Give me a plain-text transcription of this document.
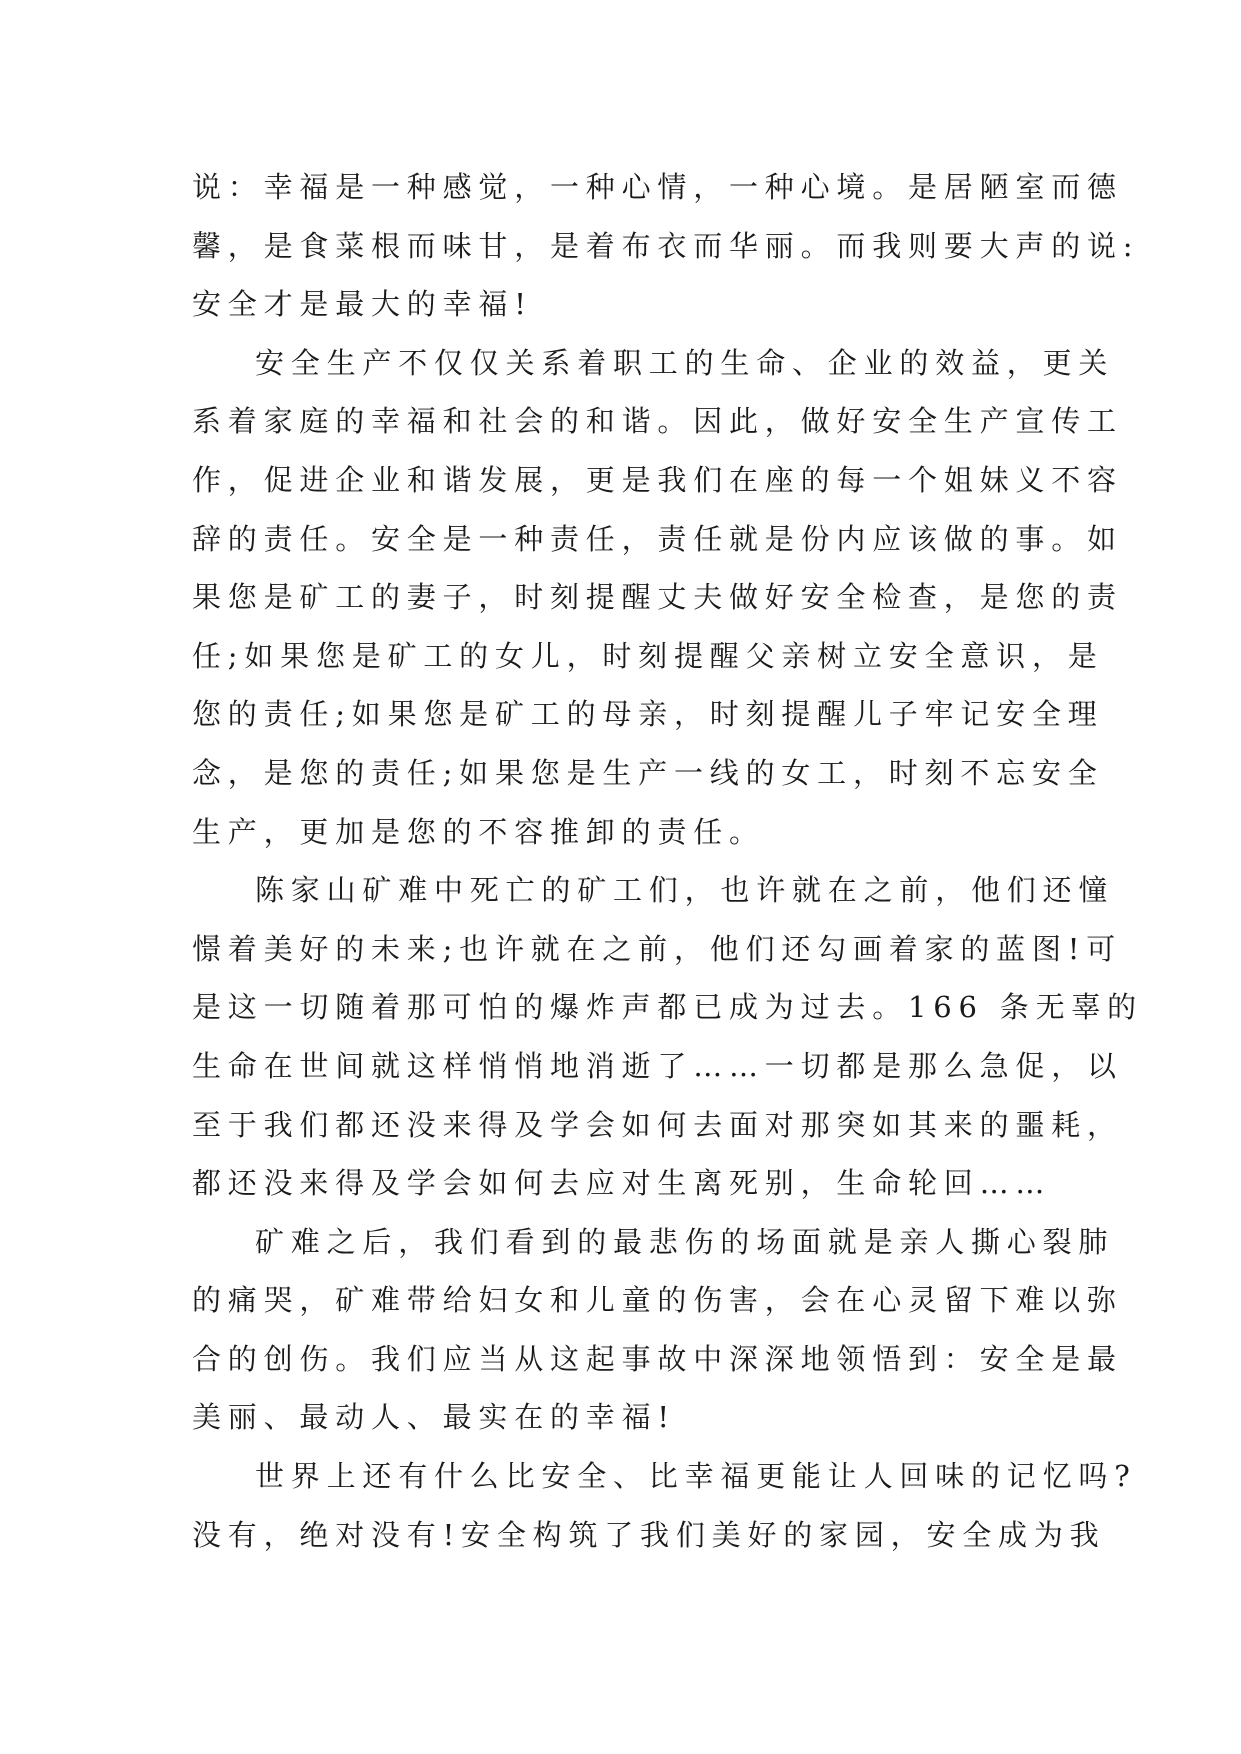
说：幸福是一种感觉，一种心情，一种心境。是居陋室而德
馨，是食菜根而味甘，是着布衣而华丽。而我则要大声的说:
安全才是最大的幸福!
安全生产不仅仅关系着职工的生命、企业的效益，更关
系着家庭的幸福和社会的和谐。因此，做好安全生产宣传工
作，促进企业和谐发展，更是我们在座的每一个姐妹义不容
辞的责任。安全是一种责任，责任就是份内应该做的事。如
果您是矿工的妻子，时刻提醒丈夫做好安全检查，是您的责
任;如果您是矿工的女儿，时刻提醒父亲树立安全意识，是
您的责任;如果您是矿工的母亲，时刻提醒儿子牢记安全理
念，是您的责任;如果您是生产一线的女工，时刻不忘安全
生产，更加是您的不容推卸的责任。
陈家山矿难中死亡的矿工们，也许就在之前，他们还憧
憬着美好的未来;也许就在之前，他们还勾画着家的蓝图!可
是这一切随着那可怕的爆炸声都已成为过去。166 条无辜的
生命在世间就这样悄悄地消逝了……一切都是那么急促，以
至于我们都还没来得及学会如何去面对那突如其来的噩耗，
都还没来得及学会如何去应对生离死别，生命轮回……
矿难之后，我们看到的最悲伤的场面就是亲人撕心裂肺
的痛哭，矿难带给妇女和儿童的伤害，会在心灵留下难以弥
合的创伤。我们应当从这起事故中深深地领悟到：安全是最
美丽、最动人、最实在的幸福!
世界上还有什么比安全、比幸福更能让人回味的记忆吗?
没有，绝对没有!安全构筑了我们美好的家园，安全成为我
